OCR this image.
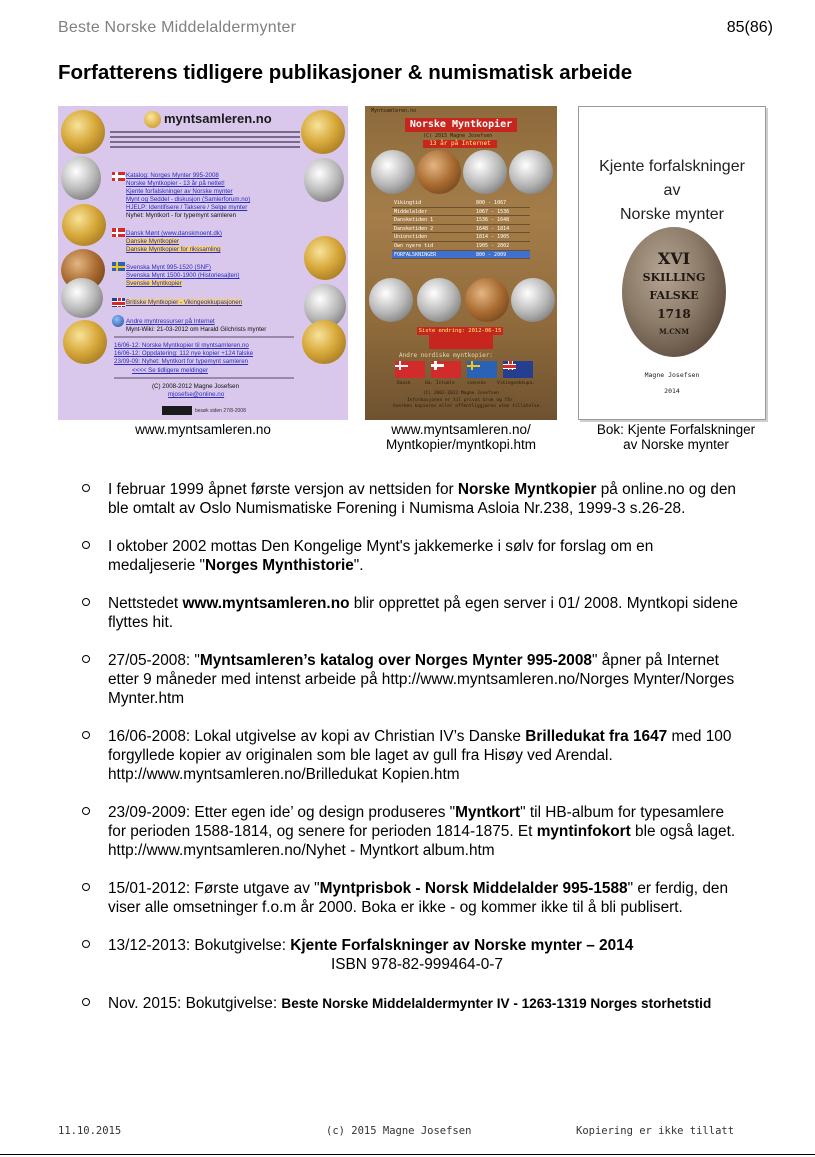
Beste Norske Middelaldermynter	85(86)
Forfatterens tidligere publikasjoner & numismatisk arbeide
myntsamleren.no
Katalog: Norges Mynter 995-2008
Norske Myntkopier - 13 år på nettet!
Kjente forfalskninger av Norske mynter
Mynt og Seddel - diskusjon (Samlerforum.no)
HJELP: Identifisere / Taksere / Selge mynter
Nyhet: Myntkort - for typemynt samleren
Dansk Mønt (www.danskmoent.dk)
Danske Myntkopier
Danske Myntkopier for rikssamling
Svenska Mynt 995-1520 (SNF)
Svenska Mynt 1500-1900 (Historiesajten)
Svenske Myntkopier
Britiske Myntkopier - Vikingeokkupasjonen
Andre myntressurser på Internet
Mynt-Wiki: 21-03-2012 om Harald Gilchrists mynter
16/06-12: Norske Myntkopier til myntsamleren.no
16/06-12: Oppdatering: 112 nye kopier +124 falske
23/09-09: Nyhet: Myntkort for typemynt samleren
<<<< Se tidligere meldinger
(C) 2008-2012 Magne Josefsen
mjosefse@online.no
besøk siden 27/8-2008
www.myntsamleren.no
Myntsamleren.no
Norske Myntkopier
(C) 2015 Magne Josefsen
13 år på Internet
Vikingtid	800 - 1067
Middelalder	1067 - 1536
Dansketiden 1	1536 - 1648
Dansketiden 2	1648 - 1814
Unionstiden	1814 - 1905
Own nyere tid	1905 - 2002
FORFALSKNINGER	800 - 2009
Siste endring: 2012-06-15
Andre nordiske myntkopier:
Dansk	Ua. Istumle	svenske Vikingeokkupa.
(C) 2002-2012 Magne Josefsen
Informasjonen er til privat bruk og får
hverken kopieres eller offentliggjøres uten tillatelse.
www.myntsamleren.no/
Myntkopier/myntkopi.htm
Kjente forfalskninger
av
Norske mynter
XVI
SKILLING
FALSKE
1718
M.CNM
Magne Josefsen
2014
Bok: Kjente Forfalskninger
av Norske mynter
I februar 1999 åpnet første versjon av nettsiden for Norske Myntkopier på online.no og den
ble omtalt av Oslo Numismatiske Forening i Numisma Asloia Nr.238, 1999-3 s.26-28.
I oktober 2002 mottas Den Kongelige Mynt's jakkemerke i sølv for forslag om en
medaljeserie "Norges Mynthistorie".
Nettstedet www.myntsamleren.no blir opprettet på egen server i 01/ 2008. Myntkopi sidene
flyttes hit.
27/05-2008: "Myntsamleren’s katalog over Norges Mynter 995-2008" åpner på Internet
etter 9 måneder med intenst arbeide på http://www.myntsamleren.no/Norges Mynter/Norges
Mynter.htm
16/06-2008: Lokal utgivelse av kopi av Christian IV’s Danske Brilledukat fra 1647 med 100
forgyllede kopier av originalen som ble laget av gull fra Hisøy ved Arendal.
http://www.myntsamleren.no/Brilledukat Kopien.htm
23/09-2009: Etter egen ide’ og design produseres "Myntkort" til HB-album for typesamlere
for perioden 1588-1814, og senere for perioden 1814-1875. Et myntinfokort ble også laget.
http://www.myntsamleren.no/Nyhet - Myntkort album.htm
15/01-2012: Første utgave av "Myntprisbok - Norsk Middelalder 995-1588" er ferdig, den
viser alle omsetninger f.o.m år 2000. Boka er ikke - og kommer ikke til å bli publisert.
13/12-2013: Bokutgivelse: Kjente Forfalskninger av Norske mynter – 2014
ISBN 978-82-999464-0-7
Nov. 2015: Bokutgivelse: Beste Norske Middelaldermynter IV - 1263-1319 Norges storhetstid
11.10.2015	(c) 2015 Magne Josefsen	Kopiering er ikke tillatt
